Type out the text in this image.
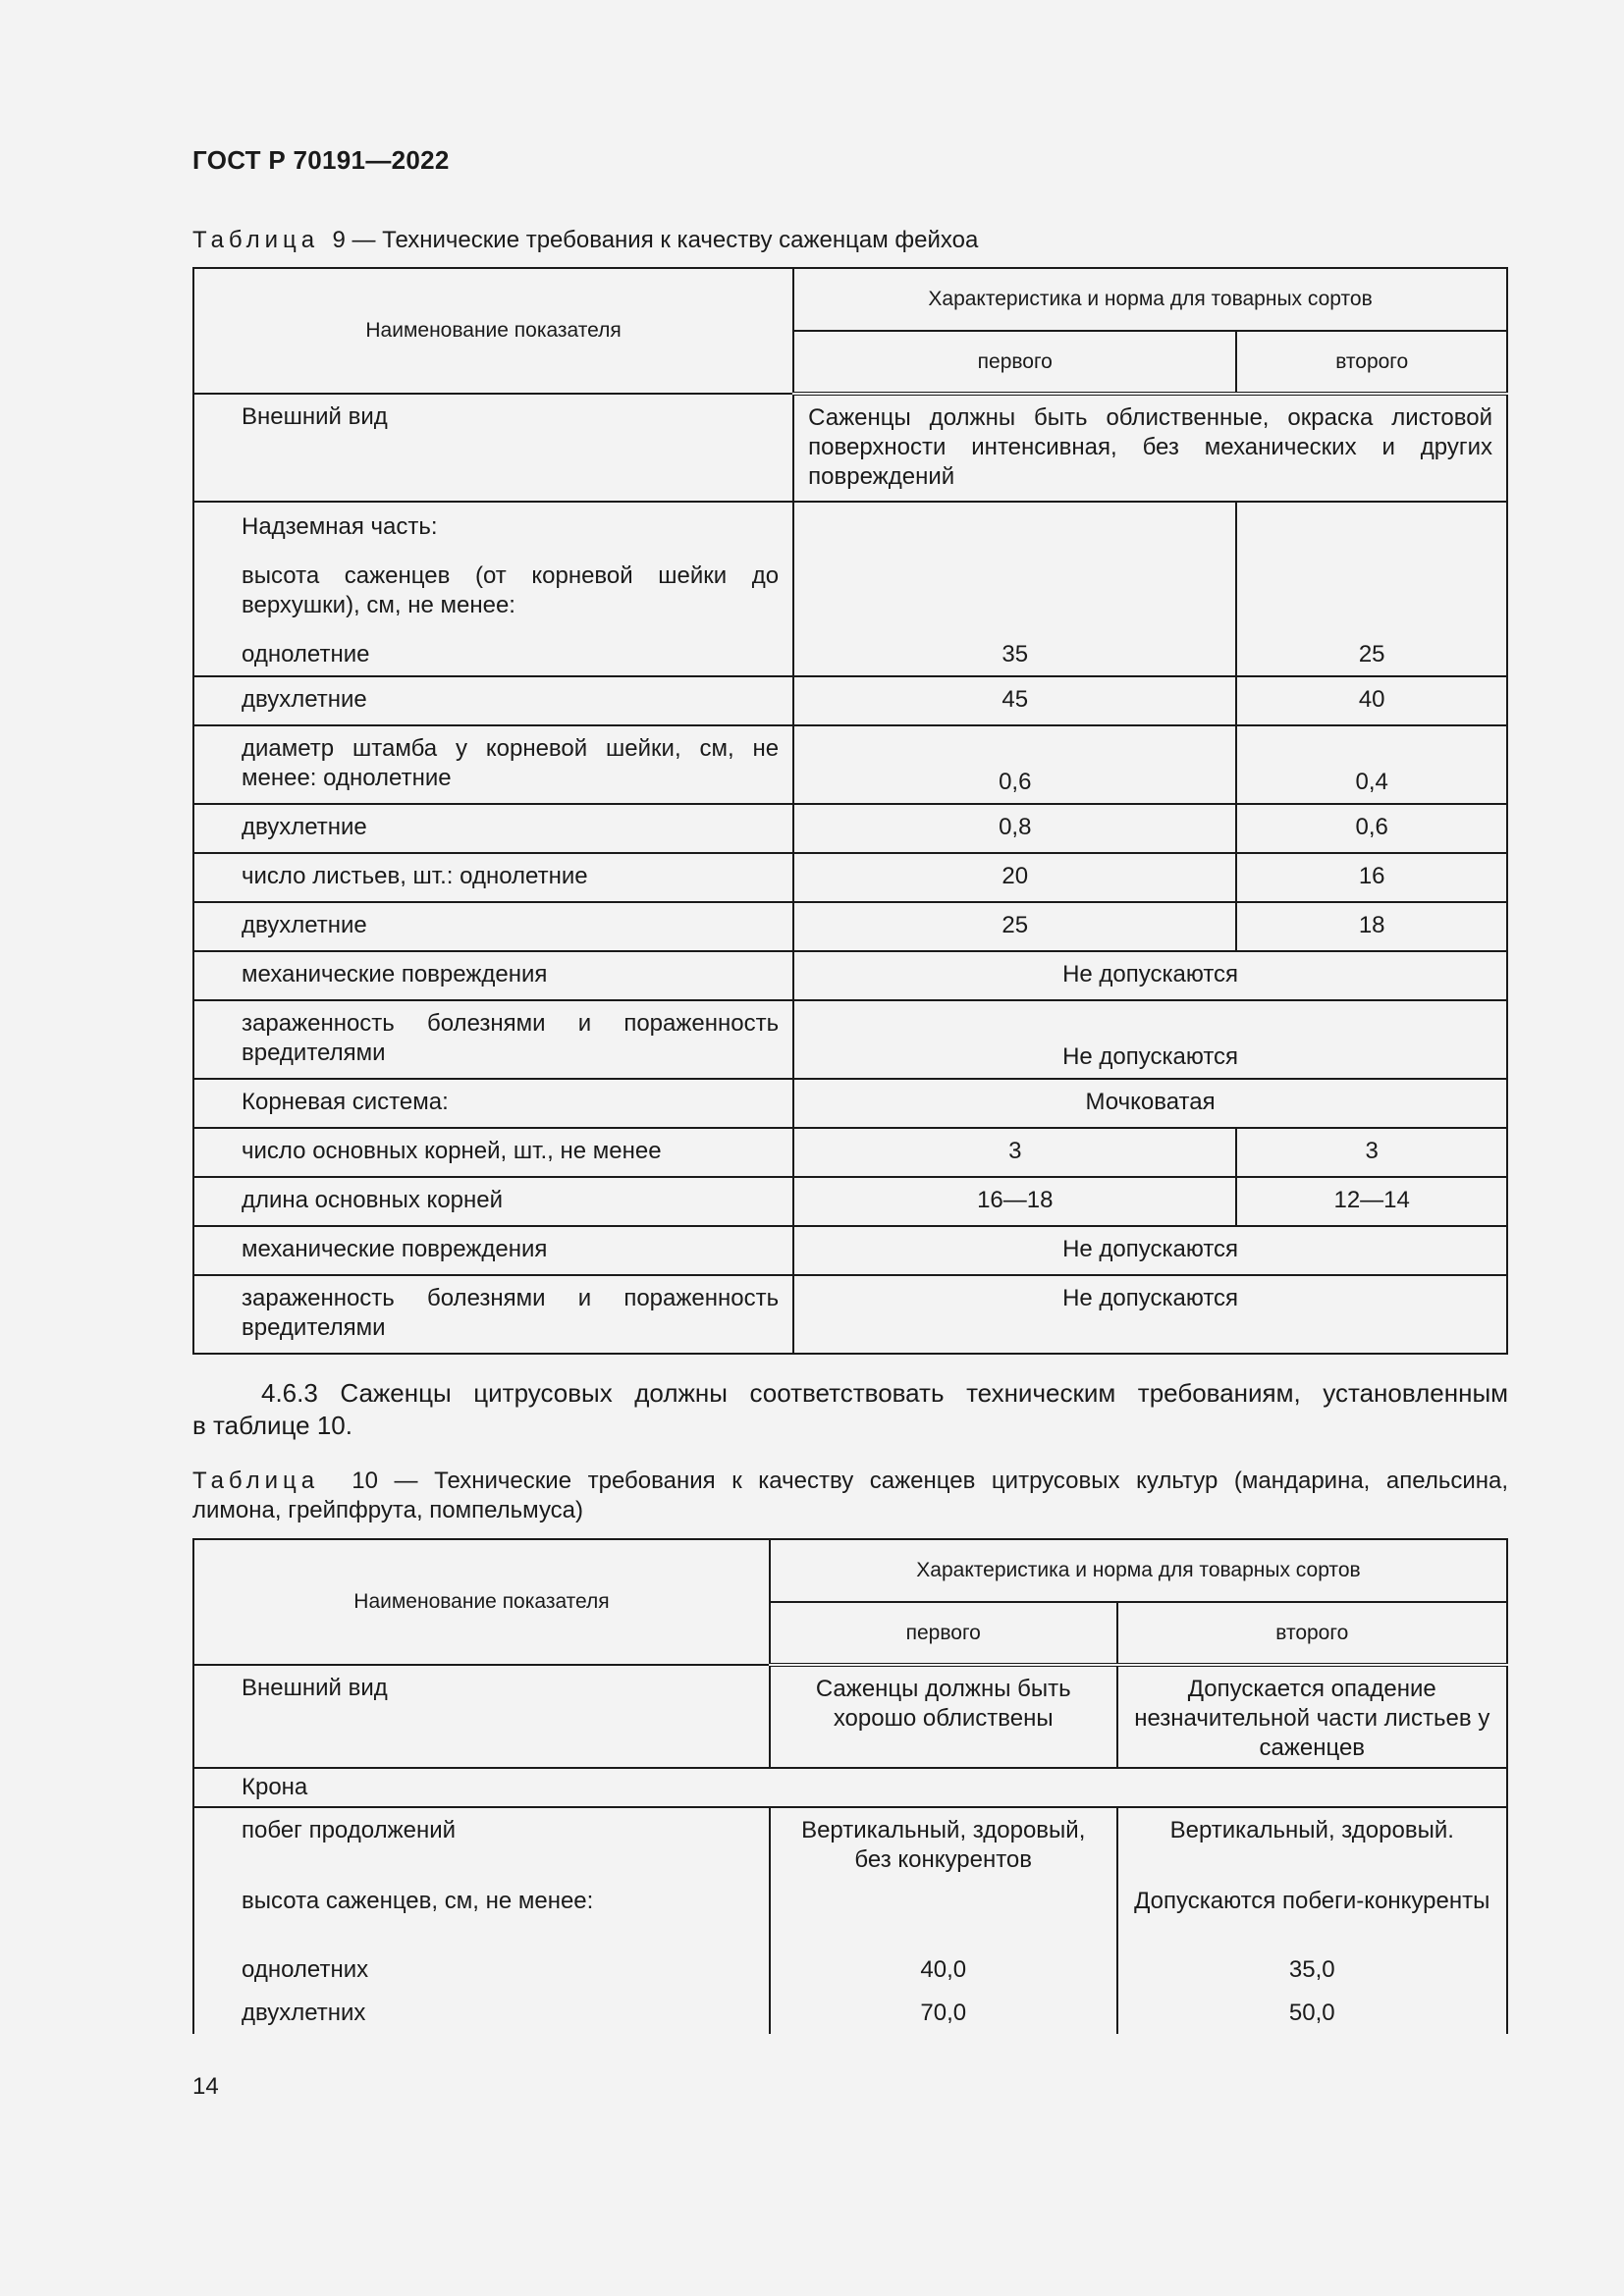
ГОСТ Р 70191—2022
Таблица 9 — Технические требования к качеству саженцам фейхоа
Наименование показателя	Характеристика и норма для товарных сортов	
	первого	второго
Внешний вид	Саженцы должны быть облиственные, окраска листовой поверхности интенсивная, без механических и других повреждений	

Надземная часть:
высота саженцев (от корневой шейки до верхушки), см, не менее:
однолетние	35	25
двухлетние	45	40
диаметр штамба у корневой шейки, см, не менее: однолетние	0,6	0,4
двухлетние	0,8	0,6
число листьев, шт.: однолетние	20	16
двухлетние	25	18
механические повреждения	Не допускаются	
зараженность болезнями и пораженность вредителями	Не допускаются	
Корневая система:	Мочковатая	
число основных корней, шт., не менее	3	3
длина основных корней	16—18	12—14
механические повреждения	Не допускаются	
зараженность болезнями и пораженность вредителями	Не допускаются	
4.6.3 Саженцы цитрусовых должны соответствовать техническим требованиям, установленным
в таблице 10.
Таблица 10 — Технические требования к качеству саженцев цитрусовых культур (мандарина, апельсина,
лимона, грейпфрута, помпельмуса)
Наименование показателя	Характеристика и норма для товарных сортов	
	первого	второго
Внешний вид	Саженцы должны быть хорошо облиствены	Допускается опадение незначительной части листьев у саженцев
Крона		
побег продолжений	Вертикальный, здоровый, без конкурентов	Вертикальный, здоровый.
высота саженцев, см, не менее:		Допускаются побеги-конкуренты
однолетних	40,0	35,0
двухлетних	70,0	50,0
14
